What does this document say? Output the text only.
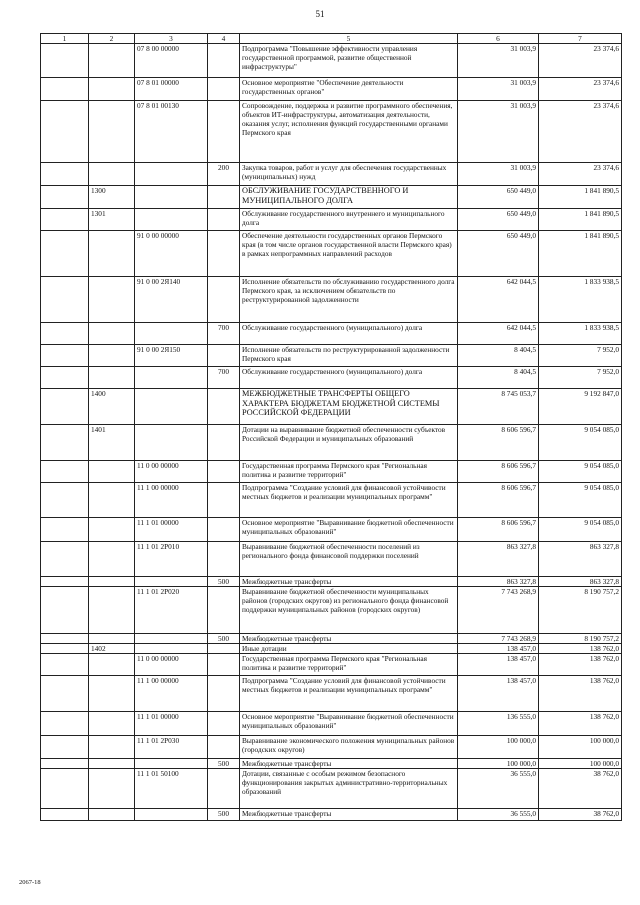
51
1	2	3	4	5	6	7
		07 8 00 00000		Подпрограмма "Повышение эффективности управления государственной программой, развитие общественной инфраструктуры"	31 003,9	23 374,6
		07 8 01 00000		Основное мероприятие "Обеспечение деятельности государственных органов"	31 003,9	23 374,6
		07 8 01 00130		Сопровождение, поддержка и развитие программного обеспечения, объектов ИТ-инфраструктуры, автоматизация деятельности, оказания услуг, исполнения функций государственными органами Пермского края	31 003,9	23 374,6
			200	Закупка товаров, работ и услуг для обеспечения государственных (муниципальных) нужд	31 003,9	23 374,6
	1300			ОБСЛУЖИВАНИЕ ГОСУДАРСТВЕННОГО И МУНИЦИПАЛЬНОГО ДОЛГА	650 449,0	1 841 890,5
	1301			Обслуживание государственного внутреннего и муниципального долга	650 449,0	1 841 890,5
		91 0 00 00000		Обеспечение деятельности государственных органов Пермского края (в том числе органов государственной власти Пермского края) в рамках непрограммных направлений расходов	650 449,0	1 841 890,5
		91 0 00 2Я140		Исполнение обязательств по обслуживанию государственного долга Пермского края, за исключением обязательств по реструктурированной задолженности	642 044,5	1 833 938,5
			700	Обслуживание государственного (муниципального) долга	642 044,5	1 833 938,5
		91 0 00 2Я150		Исполнение обязательств по реструктурированной задолженности Пермского края	8 404,5	7 952,0
			700	Обслуживание государственного (муниципального) долга	8 404,5	7 952,0
	1400			МЕЖБЮДЖЕТНЫЕ ТРАНСФЕРТЫ ОБЩЕГО ХАРАКТЕРА БЮДЖЕТАМ БЮДЖЕТНОЙ СИСТЕМЫ РОССИЙСКОЙ ФЕДЕРАЦИИ	8 745 053,7	9 192 847,0
	1401			Дотации на выравнивание бюджетной обеспеченности субъектов Российской Федерации и муниципальных образований	8 606 596,7	9 054 085,0
		11 0 00 00000		Государственная программа Пермского края "Региональная политика и развитие территорий"	8 606 596,7	9 054 085,0
		11 1 00 00000		Подпрограмма "Создание условий для финансовой устойчивости местных бюджетов и реализации муниципальных программ"	8 606 596,7	9 054 085,0
		11 1 01 00000		Основное мероприятие "Выравнивание бюджетной обеспеченности муниципальных образований"	8 606 596,7	9 054 085,0
		11 1 01 2Р010		Выравнивание бюджетной обеспеченности поселений из регионального фонда финансовой поддержки поселений	863 327,8	863 327,8
			500	Межбюджетные трансферты	863 327,8	863 327,8
		11 1 01 2Р020		Выравнивание бюджетной обеспеченности муниципальных районов (городских округов) из регионального фонда финансовой поддержки муниципальных районов (городских округов)	7 743 268,9	8 190 757,2
			500	Межбюджетные трансферты	7 743 268,9	8 190 757,2
	1402			Иные дотации	138 457,0	138 762,0
		11 0 00 00000		Государственная программа Пермского края "Региональная политика и развитие территорий"	138 457,0	138 762,0
		11 1 00 00000		Подпрограмма "Создание условий для финансовой устойчивости местных бюджетов и реализации муниципальных программ"	138 457,0	138 762,0
		11 1 01 00000		Основное мероприятие "Выравнивание бюджетной обеспеченности муниципальных образований"	136 555,0	138 762,0
		11 1 01 2Р030		Выравнивание экономического положения муниципальных районов (городских округов)	100 000,0	100 000,0
			500	Межбюджетные трансферты	100 000,0	100 000,0
		11 1 01 50100		Дотации, связанные с особым режимом безопасного функционирования закрытых административно-территориальных образований	36 555,0	38 762,0
			500	Межбюджетные трансферты	36 555,0	38 762,0
2067-18
